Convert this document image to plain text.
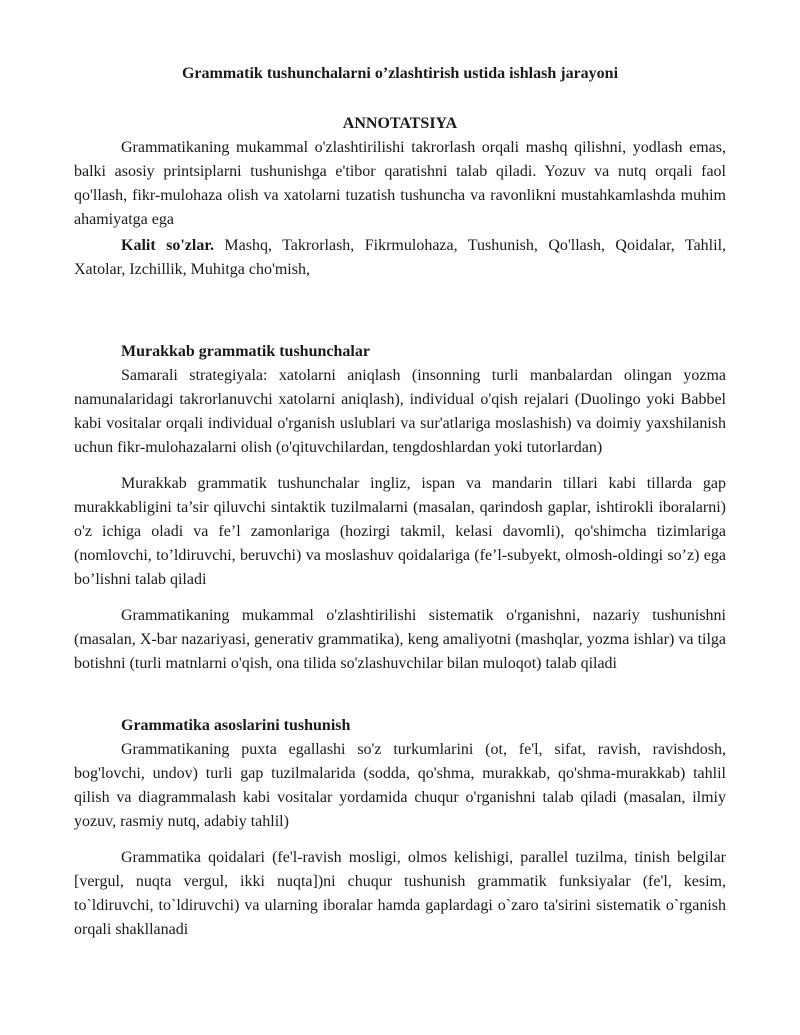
Grammatik tushunchalarni o’zlashtirish ustida ishlash jarayoni
ANNOTATSIYA

Grammatikaning mukammal o'zlashtirilishi takrorlash orqali mashq qilishni, yodlash emas, balki asosiy printsiplarni tushunishga e'tibor qaratishni talab qiladi. Yozuv va nutq orqali faol qo'llash, fikr-mulohaza olish va xatolarni tuzatish tushuncha va ravonlikni mustahkamlashda muhim ahamiyatga ega

Kalit so'zlar. Mashq, Takrorlash, Fikrmulohaza, Tushunish, Qo'llash, Qoidalar, Tahlil, Xatolar, Izchillik, Muhitga cho'mish,

Murakkab grammatik tushunchalar

Samarali strategiyala: xatolarni aniqlash (insonning turli manbalardan olingan yozma namunalaridagi takrorlanuvchi xatolarni aniqlash), individual o'qish rejalari (Duolingo yoki Babbel kabi vositalar orqali individual o'rganish uslublari va sur'atlariga moslashish) va doimiy yaxshilanish uchun fikr-mulohazalarni olish (o'qituvchilardan, tengdoshlardan yoki tutorlardan)

Murakkab grammatik tushunchalar ingliz, ispan va mandarin tillari kabi tillarda gap murakkabligini ta’sir qiluvchi sintaktik tuzilmalarni (masalan, qarindosh gaplar, ishtirokli iboralarni) o'z ichiga oladi va fe’l zamonlariga (hozirgi takmil, kelasi davomli), qo'shimcha tizimlariga (nomlovchi, to’ldiruvchi, beruvchi) va moslashuv qoidalariga (fe’l-subyekt, olmosh-oldingi so’z) ega bo’lishni talab qiladi

Grammatikaning mukammal o'zlashtirilishi sistematik o'rganishni, nazariy tushunishni (masalan, X-bar nazariyasi, generativ grammatika), keng amaliyotni (mashqlar, yozma ishlar) va tilga botishni (turli matnlarni o'qish, ona tilida so'zlashuvchilar bilan muloqot) talab qiladi

Grammatika asoslarini tushunish

Grammatikaning puxta egallashi so'z turkumlarini (ot, fe'l, sifat, ravish, ravishdosh, bog'lovchi, undov) turli gap tuzilmalarida (sodda, qo'shma, murakkab, qo'shma-murakkab) tahlil qilish va diagrammalash kabi vositalar yordamida chuqur o'rganishni talab qiladi (masalan, ilmiy yozuv, rasmiy nutq, adabiy tahlil)

Grammatika qoidalari (fe'l-ravish mosligi, olmos kelishigi, parallel tuzilma, tinish belgilar [vergul, nuqta vergul, ikki nuqta])ni chuqur tushunish grammatik funksiyalar (fe'l, kesim, to`ldiruvchi, to`ldiruvchi) va ularning iboralar hamda gaplardagi o`zaro ta'sirini sistematik o`rganish orqali shakllanadi
